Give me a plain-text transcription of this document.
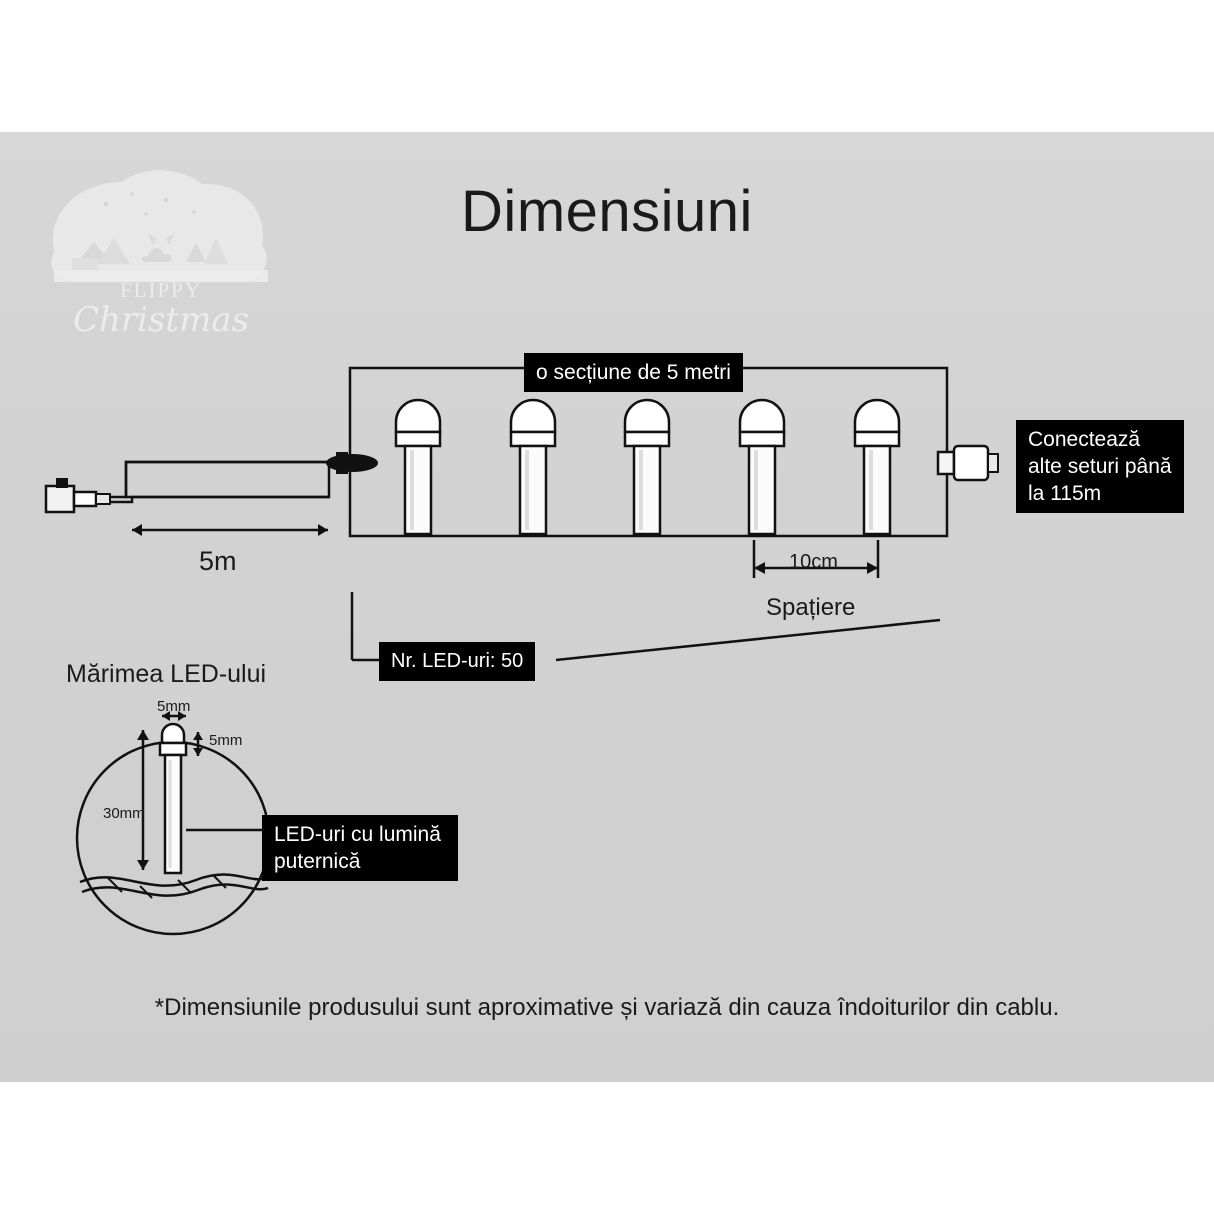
FLIPPY
Christmas
Dimensiuni
o secțiune de 5 metri
Conectează alte seturi până la 115m
Nr. LED-uri: 50
LED-uri cu lumină puternică
5m	10cm
Spațiere
Mărimea LED-ului
5mm
5mm
30mm
*Dimensiunile produsului sunt aproximative și variază din cauza îndoiturilor din cablu.
